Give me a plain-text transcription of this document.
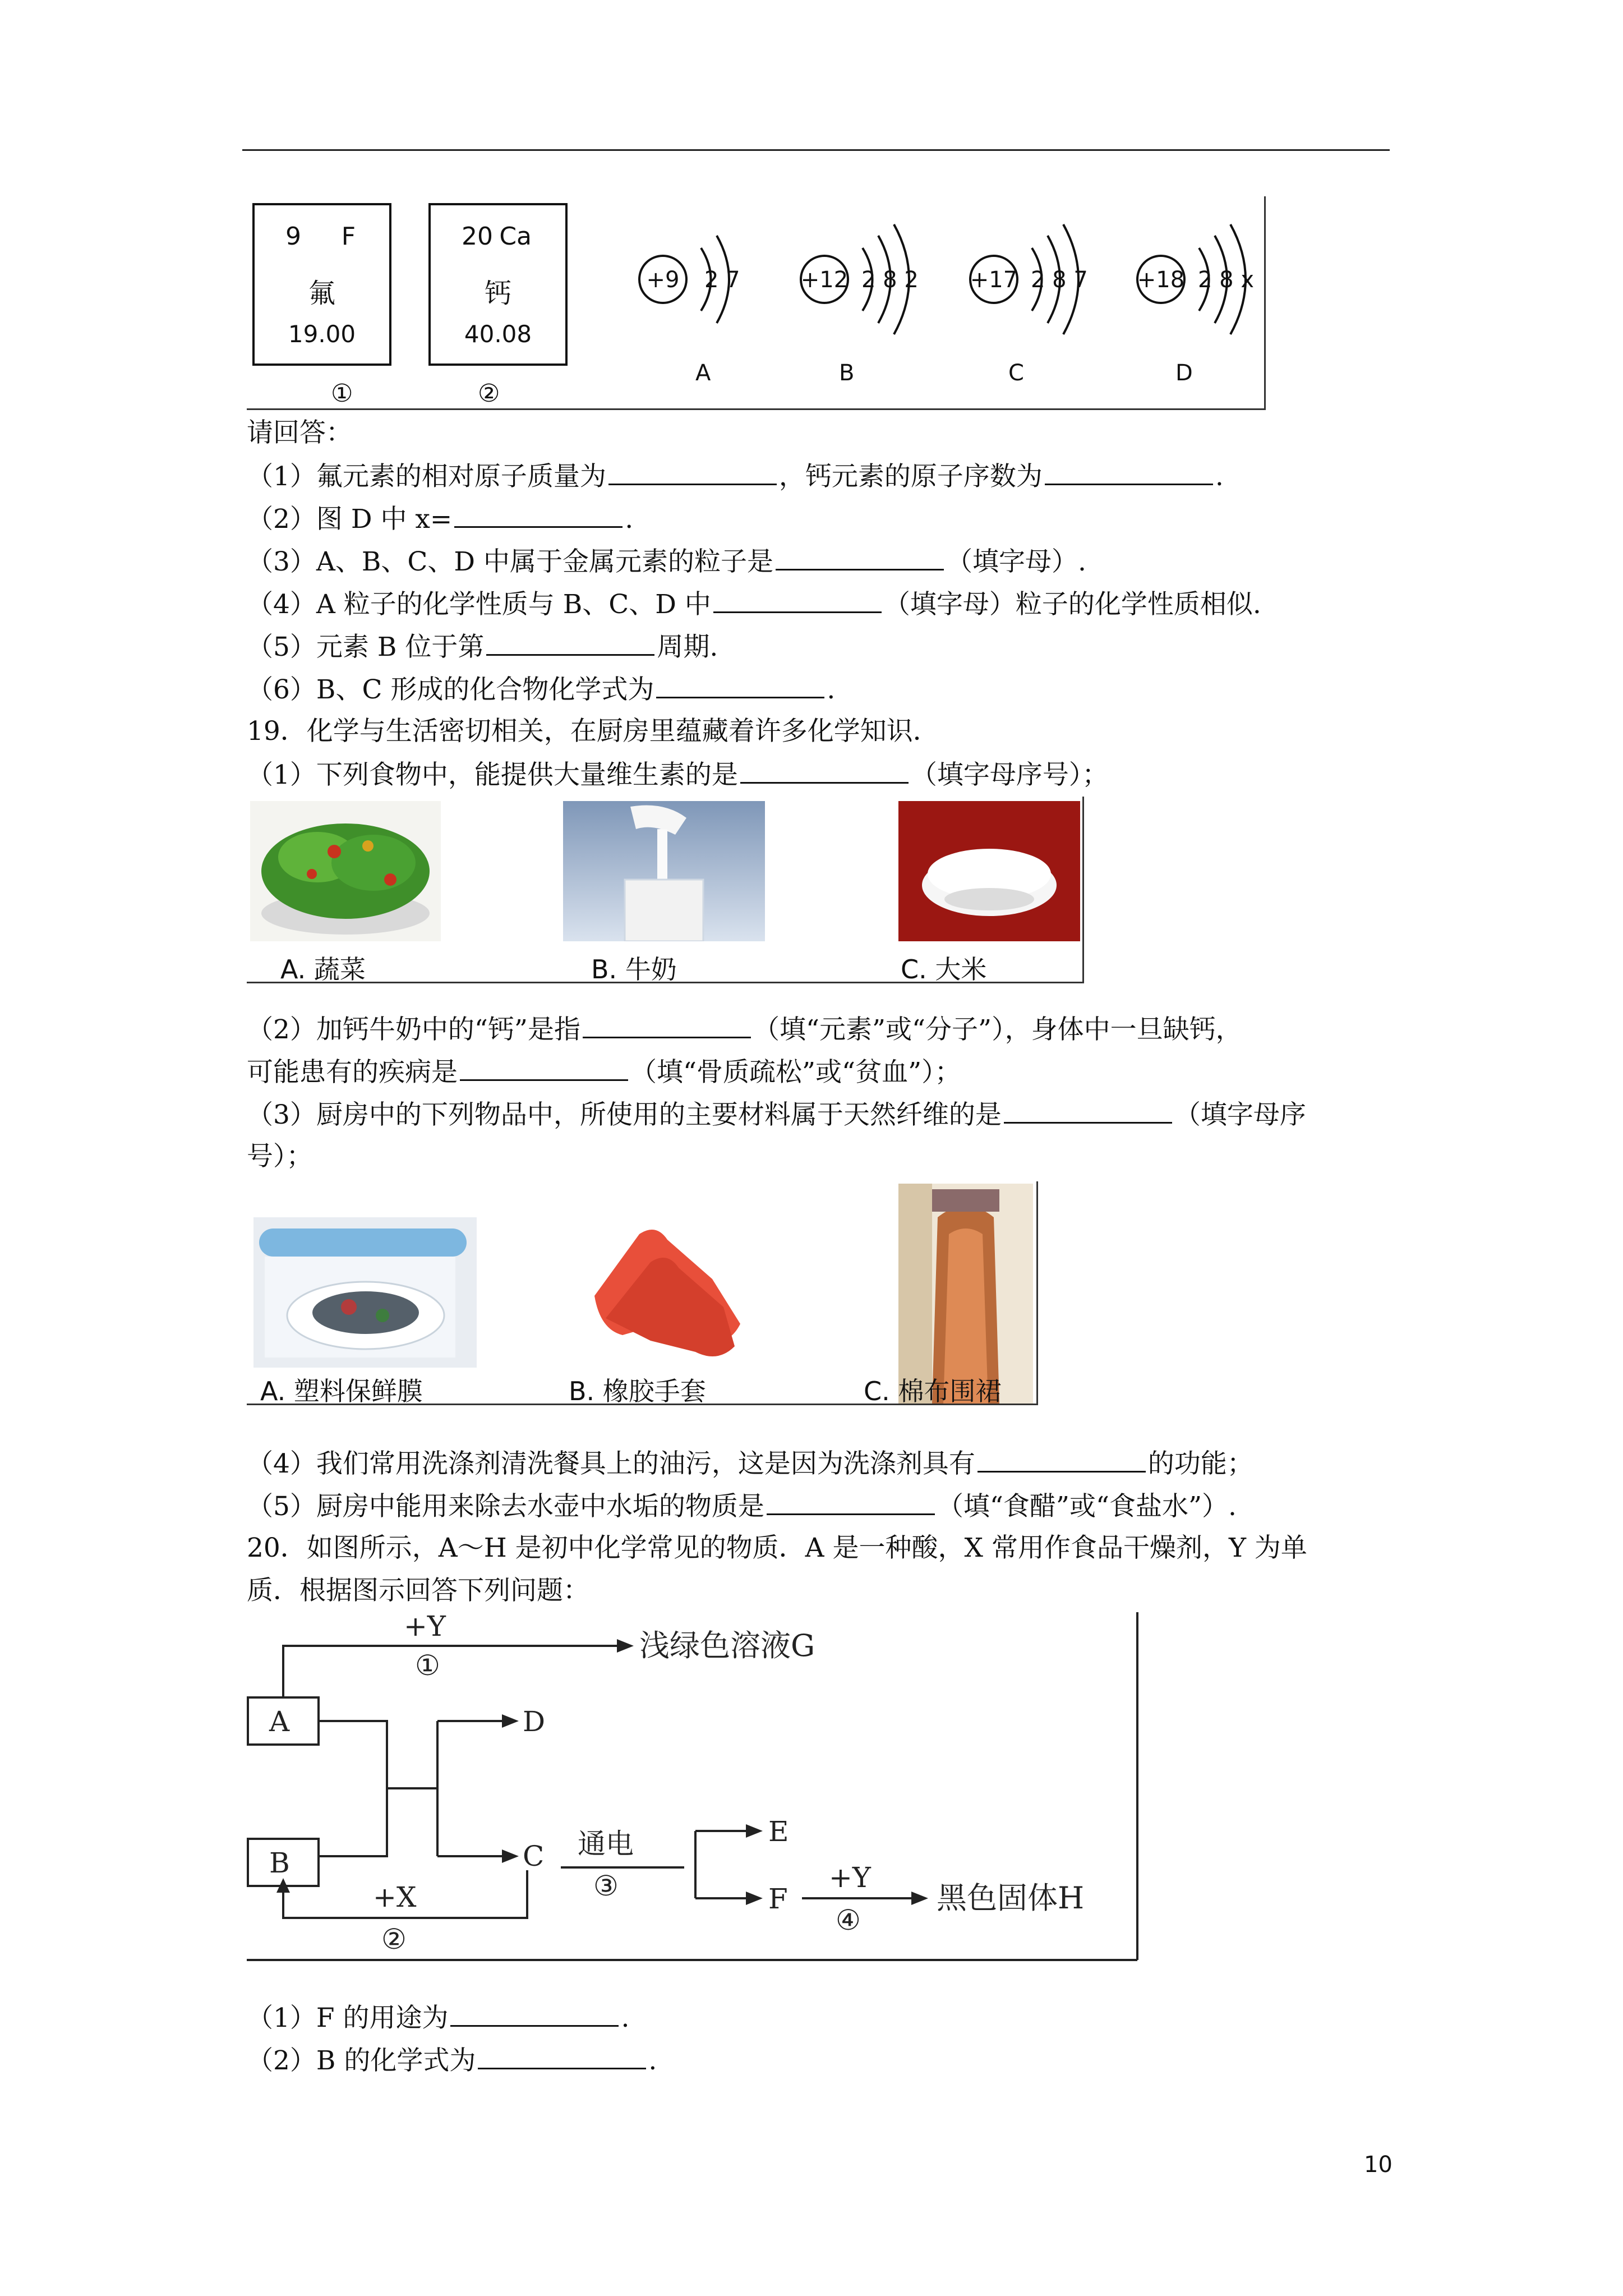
9 F
氟
19.00
20 Ca
钙
40.08
①	②
+9 2 7
A
+12 2 8 2
B
+17 2 8 7
C
+18 2 8 x
D
请回答：
（1）氟元素的相对原子质量为	，钙元素的原子序数为	.
（2）图 D 中 x=	.
（3）A、B、C、D 中属于金属元素的粒子是	（填字母）.
（4）A 粒子的化学性质与 B、C、D 中	（填字母）粒子的化学性质相似.
（5）元素 B 位于第	周期.
（6）B、C 形成的化合物化学式为	.
19．化学与生活密切相关，在厨房里蕴藏着许多化学知识．
（1）下列食物中，能提供大量维生素的是	（填字母序号）；
A. 蔬菜	B. 牛奶	C. 大米
（2）加钙牛奶中的“钙”是指	（填“元素”或“分子”），身体中一旦缺钙，
可能患有的疾病是	（填“骨质疏松”或“贫血”）；
（3）厨房中的下列物品中，所使用的主要材料属于天然纤维的是	（填字母序
号）；
A. 塑料保鲜膜	B. 橡胶手套	C. 棉布围裙
（4）我们常用洗涤剂清洗餐具上的油污，这是因为洗涤剂具有	的功能；
（5）厨房中能用来除去水壶中水垢的物质是	（填“食醋”或“食盐水”）.
20．如图所示，A～H 是初中化学常见的物质．A 是一种酸，X 常用作食品干燥剂，Y 为单
质．根据图示回答下列问题：
+Y
①
浅绿色溶液G
A
B
D
C
+X
②
通电
③
E
F
+Y
④
黑色固体H
（1）F 的用途为	.
（2）B 的化学式为	.
10
